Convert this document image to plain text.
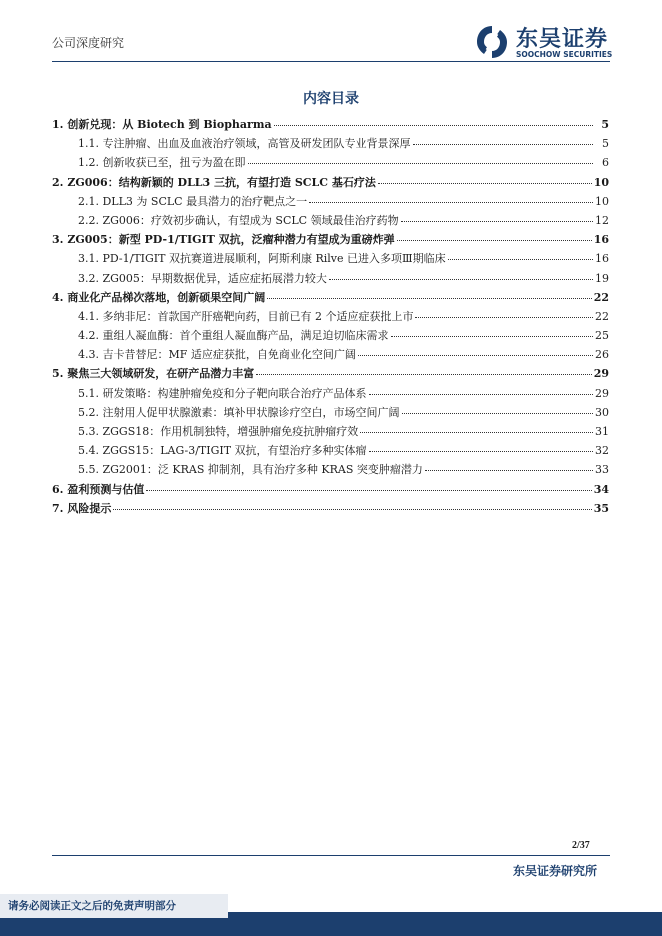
公司深度研究	东吴证券
SOOCHOW SECURITIES
内容目录
1. 创新兑现：从 Biotech 到 Biopharma	5
1.1. 专注肿瘤、出血及血液治疗领域，高管及研发团队专业背景深厚	5
1.2. 创新收获已至，扭亏为盈在即	6
2. ZG006：结构新颖的 DLL3 三抗，有望打造 SCLC 基石疗法	10
2.1. DLL3 为 SCLC 最具潜力的治疗靶点之一	10
2.2. ZG006：疗效初步确认，有望成为 SCLC 领域最佳治疗药物	12
3. ZG005：新型 PD-1/TIGIT 双抗，泛瘤种潜力有望成为重磅炸弹	16
3.1. PD-1/TIGIT 双抗赛道进展顺利，阿斯利康 Rilve 已进入多项Ⅲ期临床	16
3.2. ZG005：早期数据优异，适应症拓展潜力较大	19
4. 商业化产品梯次落地，创新硕果空间广阔	22
4.1. 多纳非尼：首款国产肝癌靶向药，目前已有 2 个适应症获批上市	22
4.2. 重组人凝血酶：首个重组人凝血酶产品，满足迫切临床需求	25
4.3. 吉卡昔替尼：MF 适应症获批，自免商业化空间广阔	26
5. 聚焦三大领域研发，在研产品潜力丰富	29
5.1. 研发策略：构建肿瘤免疫和分子靶向联合治疗产品体系	29
5.2. 注射用人促甲状腺激素：填补甲状腺诊疗空白，市场空间广阔	30
5.3. ZGGS18：作用机制独特，增强肿瘤免疫抗肿瘤疗效	31
5.4. ZGGS15：LAG-3/TIGIT 双抗，有望治疗多种实体瘤	32
5.5. ZG2001：泛 KRAS 抑制剂，具有治疗多种 KRAS 突变肿瘤潜力	33
6. 盈利预测与估值	34
7. 风险提示	35
2/37
东吴证券研究所
请务必阅读正文之后的免责声明部分
